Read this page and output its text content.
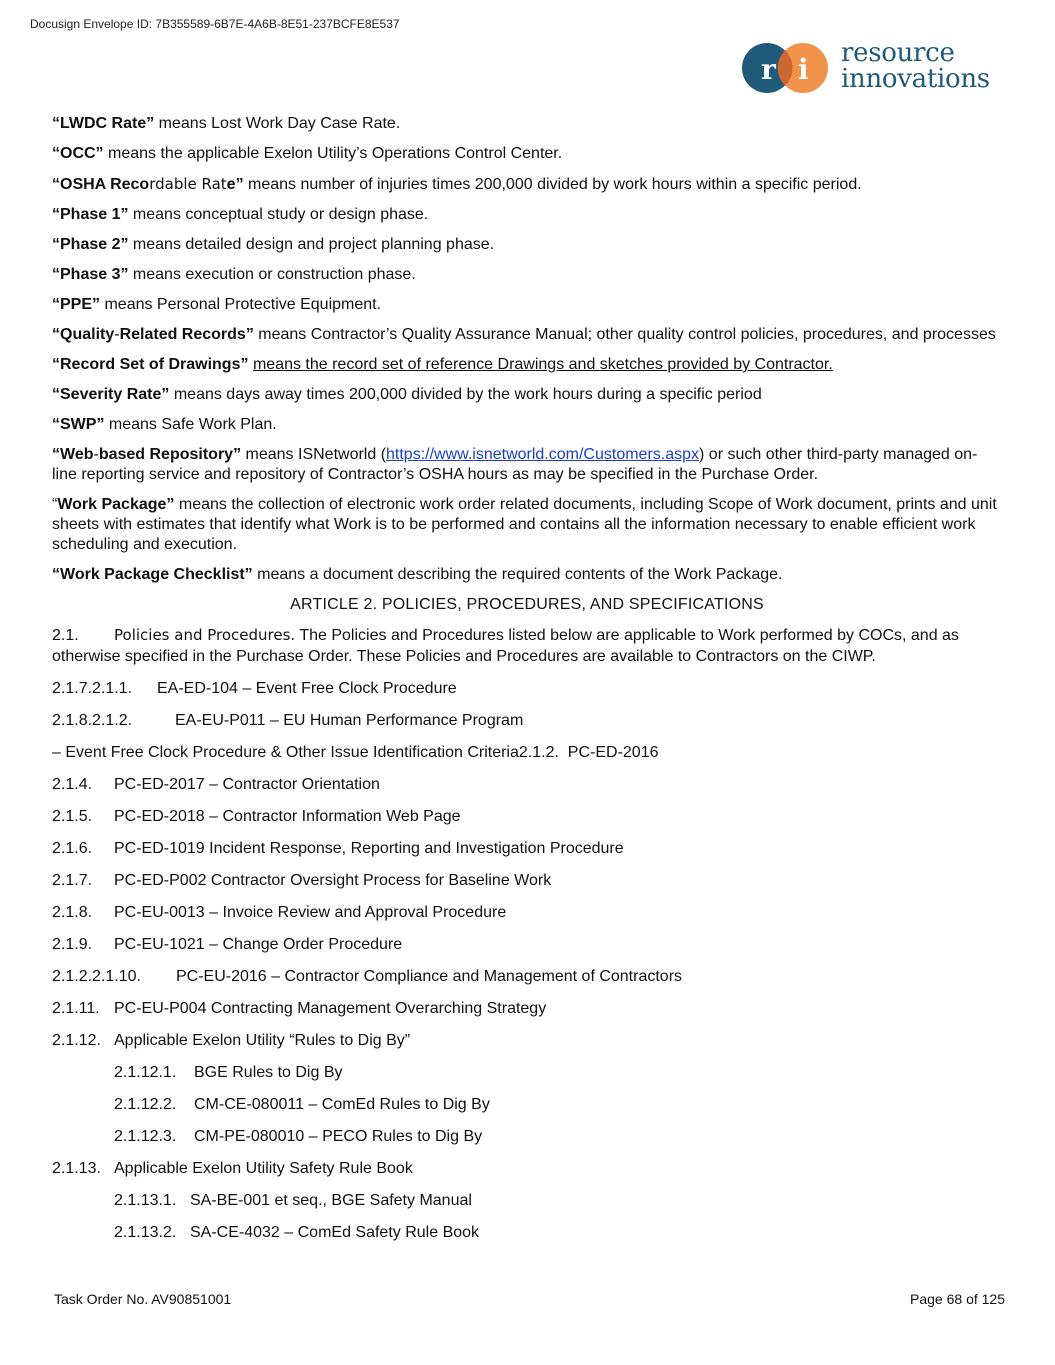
Docusign Envelope ID: 7B355589-6B7E-4A6B-8E51-237BCFE8E537
r i resource
innovations

“LWDC Rate” means Lost Work Day Case Rate.

“OCC” means the applicable Exelon Utility’s Operations Control Center.

“OSHA Recordable Rate” means number of injuries times 200,000 divided by work hours within a specific period.

“Phase 1” means conceptual study or design phase.

“Phase 2” means detailed design and project planning phase.

“Phase 3” means execution or construction phase.

“PPE” means Personal Protective Equipment.

“Quality-Related Records” means Contractor’s Quality Assurance Manual; other quality control policies, procedures, and processes

“Record Set of Drawings” means the record set of reference Drawings and sketches provided by Contractor.

“Severity Rate” means days away times 200,000 divided by the work hours during a specific period

“SWP” means Safe Work Plan.

“Web-based Repository” means ISNetworld (https://www.isnetworld.com/Customers.aspx) or such other third-party managed on-line reporting service and repository of Contractor’s OSHA hours as may be specified in the Purchase Order.

“Work Package” means the collection of electronic work order related documents, including Scope of Work document, prints and unit sheets with estimates that identify what Work is to be performed and contains all the information necessary to enable efficient work scheduling and execution.

“Work Package Checklist” means a document describing the required contents of the Work Package.

ARTICLE 2. POLICIES, PROCEDURES, AND SPECIFICATIONS

2.1. Policies and Procedures. The Policies and Procedures listed below are applicable to Work performed by COCs, and as otherwise specified in the Purchase Order. These Policies and Procedures are available to Contractors on the CIWP.

2.1.7.2.1.1. EA-ED-104 – Event Free Clock Procedure
2.1.8.2.1.2.	EA-EU-P011 – EU Human Performance Program
– Event Free Clock Procedure & Other Issue Identification Criteria2.1.2. PC-ED-2016
2.1.4. PC-ED-2017 – Contractor Orientation
2.1.5. PC-ED-2018 – Contractor Information Web Page
2.1.6. PC-ED-1019 Incident Response, Reporting and Investigation Procedure
2.1.7. PC-ED-P002 Contractor Oversight Process for Baseline Work
2.1.8. PC-EU-0013 – Invoice Review and Approval Procedure
2.1.9. PC-EU-1021 – Change Order Procedure
2.1.2.2.1.10. PC-EU-2016 – Contractor Compliance and Management of Contractors
2.1.11. PC-EU-P004 Contracting Management Overarching Strategy
2.1.12. Applicable Exelon Utility “Rules to Dig By”
2.1.12.1. BGE Rules to Dig By
2.1.12.2. CM-CE-080011 – ComEd Rules to Dig By
2.1.12.3. CM-PE-080010 – PECO Rules to Dig By
2.1.13. Applicable Exelon Utility Safety Rule Book
2.1.13.1. SA-BE-001 et seq., BGE Safety Manual
2.1.13.2. SA-CE-4032 – ComEd Safety Rule Book
Task Order No. AV90851001	Page 68 of 125
